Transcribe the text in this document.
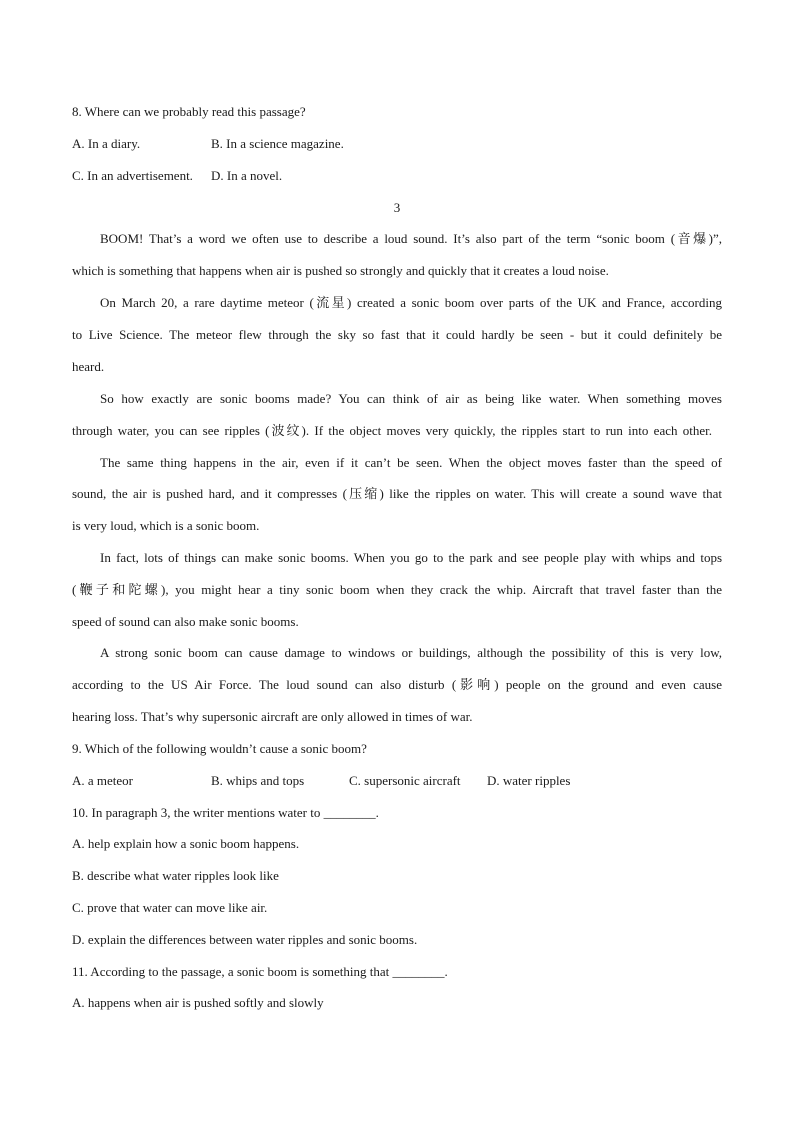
8. Where can we probably read this passage?
A. In a diary.	B. In a science magazine.
C. In an advertisement. D. In a novel.
3
BOOM! That’s a word we often use to describe a loud sound. It’s also part of the term “sonic boom (音爆)”,
which is something that happens when air is pushed so strongly and quickly that it creates a loud noise.
On March 20, a rare daytime meteor (流星) created a sonic boom over parts of the UK and France, according
to Live Science. The meteor flew through the sky so fast that it could hardly be seen - but it could definitely be
heard.
So how exactly are sonic booms made? You can think of air as being like water. When something moves
through water, you can see ripples (波纹). If the object moves very quickly, the ripples start to run into each other.
The same thing happens in the air, even if it can’t be seen. When the object moves faster than the speed of
sound, the air is pushed hard, and it compresses (压缩) like the ripples on water. This will create a sound wave that
is very loud, which is a sonic boom.
In fact, lots of things can make sonic booms. When you go to the park and see people play with whips and tops
(鞭子和陀螺), you might hear a tiny sonic boom when they crack the whip. Aircraft that travel faster than the
speed of sound can also make sonic booms.
A strong sonic boom can cause damage to windows or buildings, although the possibility of this is very low,
according to the US Air Force. The loud sound can also disturb (影响) people on the ground and even cause
hearing loss. That’s why supersonic aircraft are only allowed in times of war.
9. Which of the following wouldn’t cause a sonic boom?
A. a meteor	B. whips and tops	C. supersonic aircraft D. water ripples
10. In paragraph 3, the writer mentions water to ________.
A. help explain how a sonic boom happens.
B. describe what water ripples look like
C. prove that water can move like air.
D. explain the differences between water ripples and sonic booms.
11. According to the passage, a sonic boom is something that ________.
A. happens when air is pushed softly and slowly
